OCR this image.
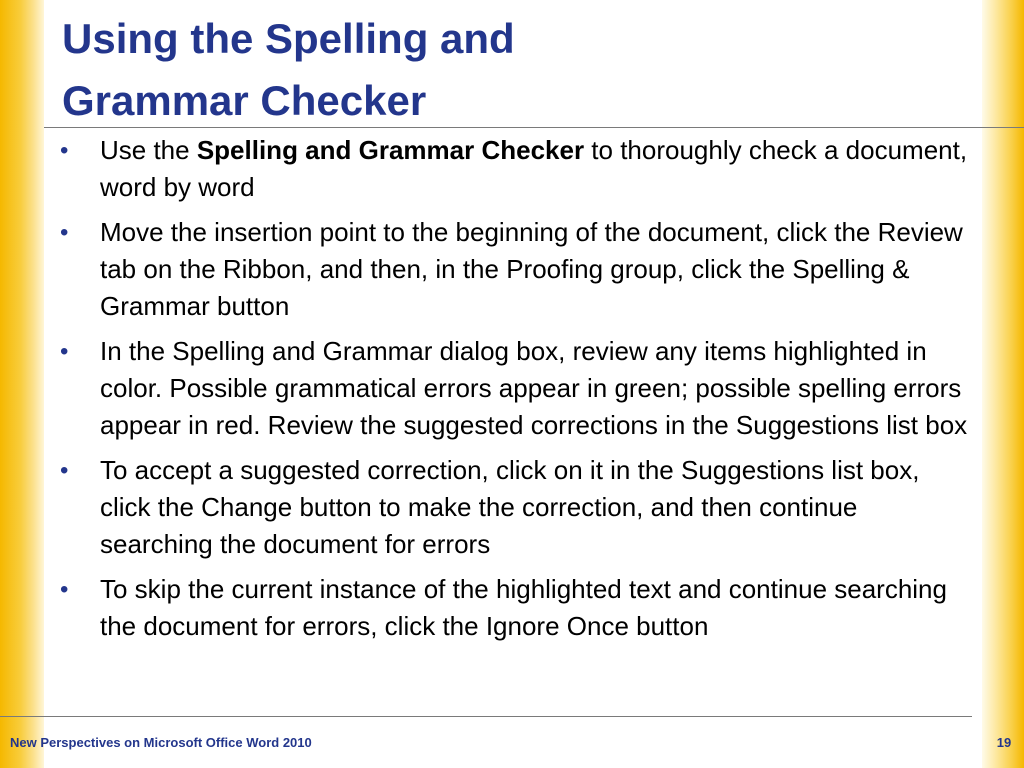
Using the Spelling and
Grammar Checker
• Use the Spelling and Grammar Checker to thoroughly check a document, word by word
• Move the insertion point to the beginning of the document, click the Review tab on the Ribbon, and then, in the Proofing group, click the Spelling & Grammar button
• In the Spelling and Grammar dialog box, review any items highlighted in color. Possible grammatical errors appear in green; possible spelling errors appear in red. Review the suggested corrections in the Suggestions list box
• To accept a suggested correction, click on it in the Suggestions list box, click the Change button to make the correction, and then continue searching the document for errors
• To skip the current instance of the highlighted text and continue searching the document for errors, click the Ignore Once button
New Perspectives on Microsoft Office Word 2010	19
